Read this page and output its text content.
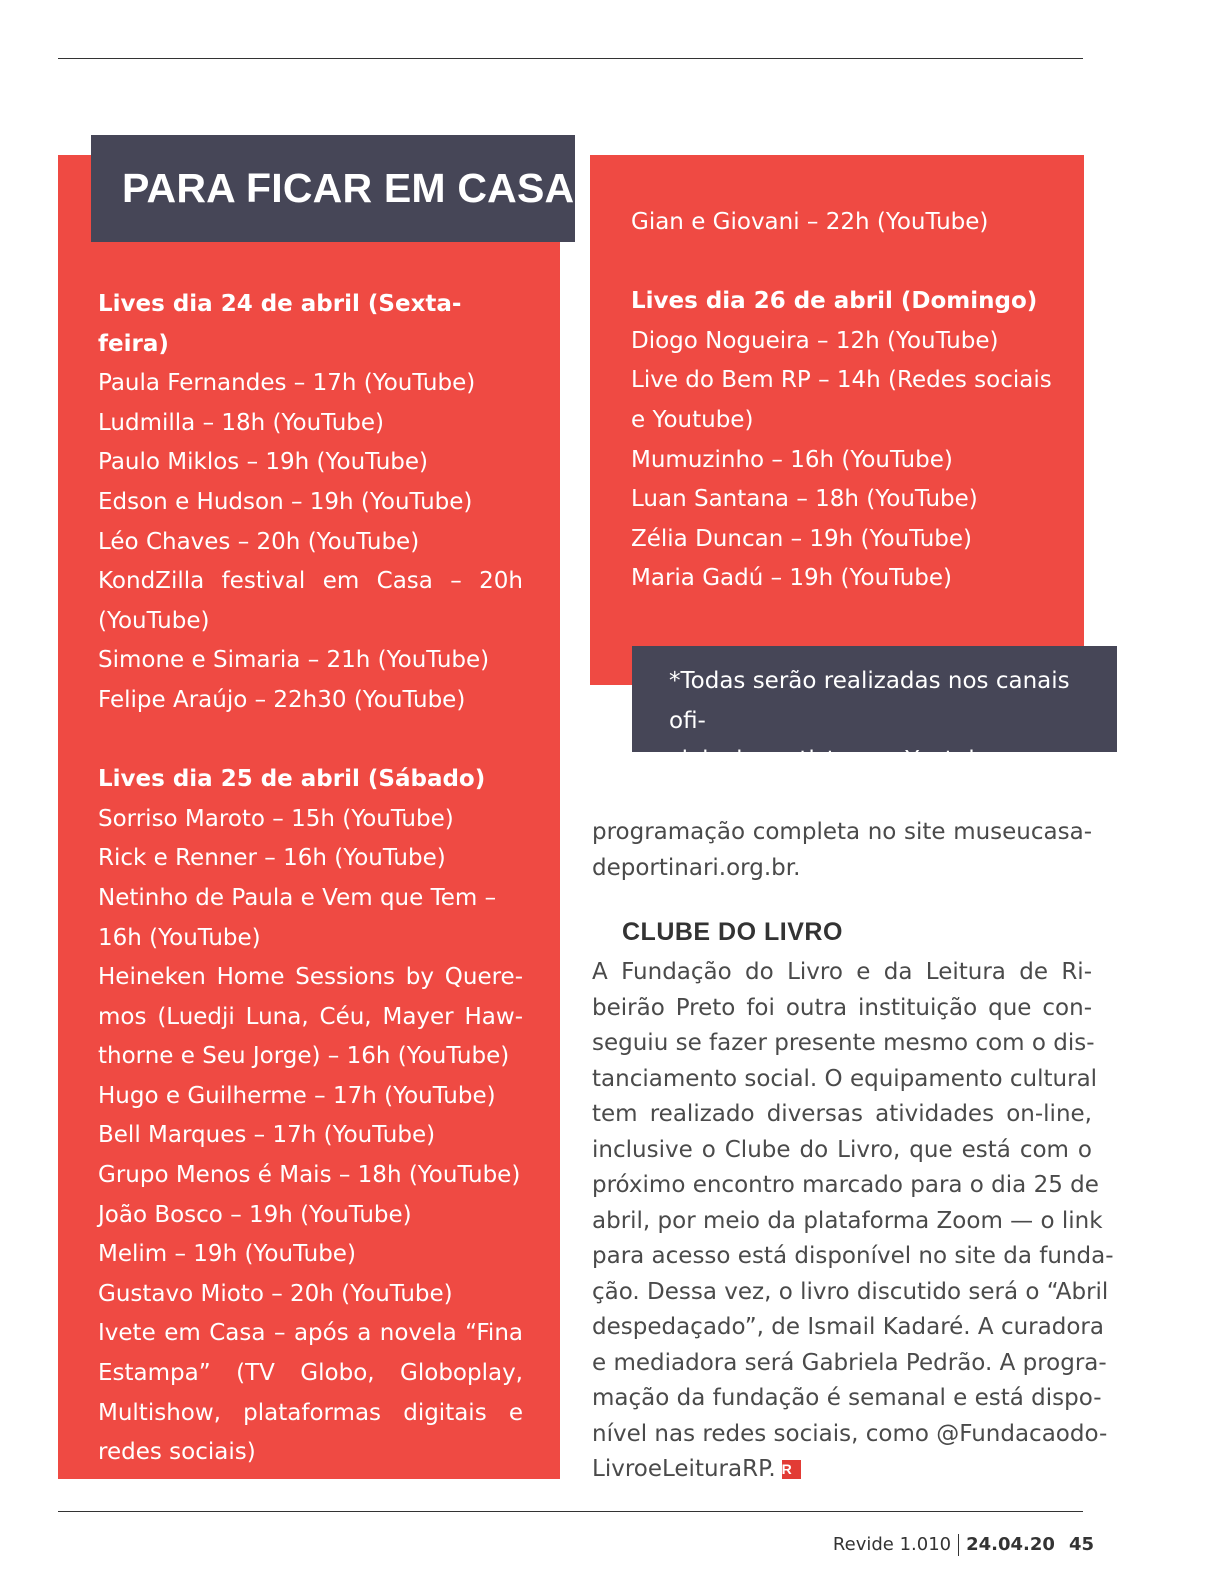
PARA FICAR EM CASA
Lives dia 24 de abril (Sexta-feira)
Paula Fernandes – 17h (YouTube)
Ludmilla – 18h (YouTube)
Paulo Miklos – 19h (YouTube)
Edson e Hudson – 19h (YouTube)
Léo Chaves – 20h (YouTube)
KondZilla festival em Casa – 20h
(YouTube)
Simone e Simaria – 21h (YouTube)
Felipe Araújo – 22h30 (YouTube)
Lives dia 25 de abril (Sábado)
Sorriso Maroto – 15h (YouTube)
Rick e Renner – 16h (YouTube)
Netinho de Paula e Vem que Tem –
16h (YouTube)
Heineken Home Sessions by Quere-
mos (Luedji Luna, Céu, Mayer Haw-
thorne e Seu Jorge) – 16h (YouTube)
Hugo e Guilherme – 17h (YouTube)
Bell Marques – 17h (YouTube)
Grupo Menos é Mais – 18h (YouTube)
João Bosco – 19h (YouTube)
Melim – 19h (YouTube)
Gustavo Mioto – 20h (YouTube)
Ivete em Casa – após a novela “Fina
Estampa” (TV Globo, Globoplay,
Multishow, plataformas digitais e
redes sociais)
Gian e Giovani – 22h (YouTube)
Lives dia 26 de abril (Domingo)
Diogo Nogueira – 12h (YouTube)
Live do Bem RP – 14h (Redes sociais
e Youtube)
Mumuzinho – 16h (YouTube)
Luan Santana – 18h (YouTube)
Zélia Duncan – 19h (YouTube)
Maria Gadú – 19h (YouTube)
*Todas serão realizadas nos canais ofi-
ciais dos artistas no Youtube.
programação completa no site museucasa-
deportinari.org.br.
CLUBE DO LIVRO
A Fundação do Livro e da Leitura de Ri-
beirão Preto foi outra instituição que con-
seguiu se fazer presente mesmo com o dis-
tanciamento social. O equipamento cultural
tem realizado diversas atividades on-line,
inclusive o Clube do Livro, que está com o
próximo encontro marcado para o dia 25 de
abril, por meio da plataforma Zoom — o link
para acesso está disponível no site da funda-
ção. Dessa vez, o livro discutido será o “Abril
despedaçado”, de Ismail Kadaré. A curadora
e mediadora será Gabriela Pedrão. A progra-
mação da fundação é semanal e está dispo-
nível nas redes sociais, como @Fundacaodo-
LivroeLeituraRP. R
Revide 1.010 24.04.20 45
